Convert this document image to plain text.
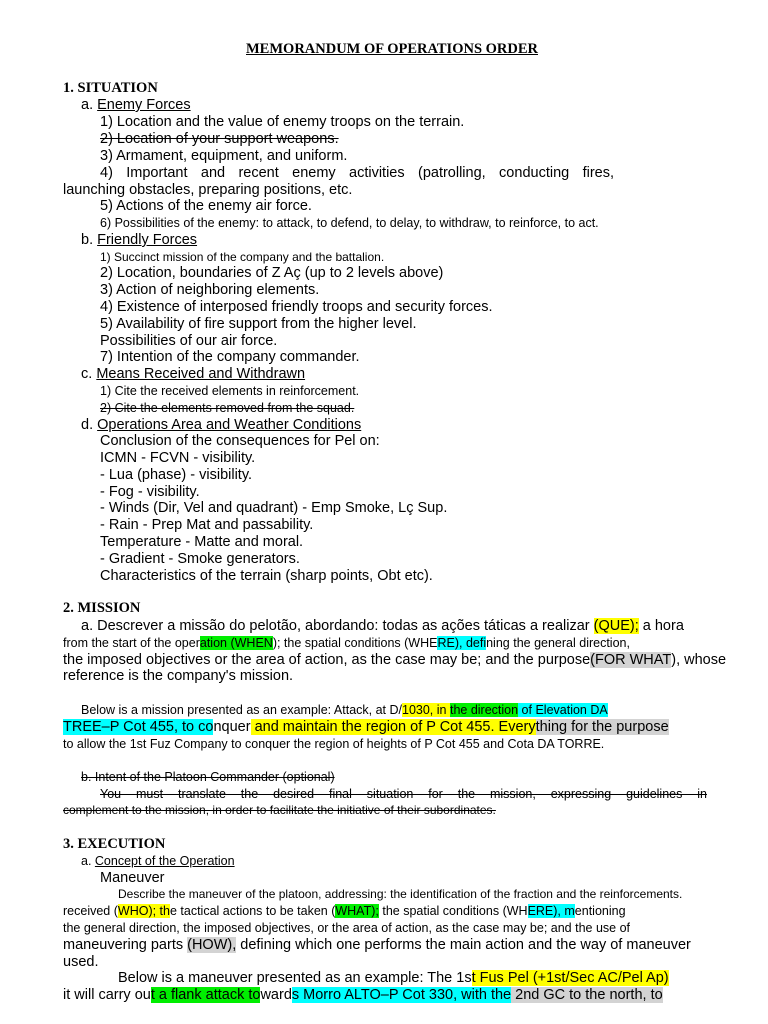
MEMORANDUM OF OPERATIONS ORDER
1. SITUATION
a. Enemy Forces
1) Location and the value of enemy troops on the terrain.
2) Location of your support weapons.
3) Armament, equipment, and uniform.
4) Important and recent enemy activities (patrolling, conducting fires,
launching obstacles, preparing positions, etc.
5) Actions of the enemy air force.
6) Possibilities of the enemy: to attack, to defend, to delay, to withdraw, to reinforce, to act.
b. Friendly Forces
1) Succinct mission of the company and the battalion.
2) Location, boundaries of Z Aç (up to 2 levels above)
3) Action of neighboring elements.
4) Existence of interposed friendly troops and security forces.
5) Availability of fire support from the higher level.
Possibilities of our air force.
7) Intention of the company commander.
c. Means Received and Withdrawn
1) Cite the received elements in reinforcement.
2) Cite the elements removed from the squad.
d. Operations Area and Weather Conditions
Conclusion of the consequences for Pel on:
ICMN - FCVN - visibility.
- Lua (phase) - visibility.
- Fog - visibility.
- Winds (Dir, Vel and quadrant) - Emp Smoke, Lç Sup.
- Rain - Prep Mat and passability.
Temperature - Matte and moral.
- Gradient - Smoke generators.
Characteristics of the terrain (sharp points, Obt etc).
2. MISSION
a. Descrever a missão do pelotão, abordando: todas as ações táticas a realizar (QUE); a hora
from the start of the operation (WHEN); the spatial conditions (WHERE), defining the general direction,
the imposed objectives or the area of action, as the case may be; and the purpose(FOR WHAT), whose
reference is the company's mission.
Below is a mission presented as an example: Attack, at D/1030, in the direction of Elevation DA
TREE–P Cot 455, to conquer and maintain the region of P Cot 455. Everything for the purpose
to allow the 1st Fuz Company to conquer the region of heights of P Cot 455 and Cota DA TORRE.
b. Intent of the Platoon Commander (optional)
You must translate the desired final situation for the mission, expressing guidelines in
complement to the mission, in order to facilitate the initiative of their subordinates.
3. EXECUTION
a. Concept of the Operation
Maneuver
Describe the maneuver of the platoon, addressing: the identification of the fraction and the reinforcements.
received (WHO); the tactical actions to be taken (WHAT); the spatial conditions (WHERE), mentioning
the general direction, the imposed objectives, or the area of action, as the case may be; and the use of
maneuvering parts (HOW), defining which one performs the main action and the way of maneuver
used.
Below is a maneuver presented as an example: The 1st Fus Pel (+1st/Sec AC/Pel Ap)
it will carry out a flank attack towards Morro ALTO–P Cot 330, with the 2nd GC to the north, to
